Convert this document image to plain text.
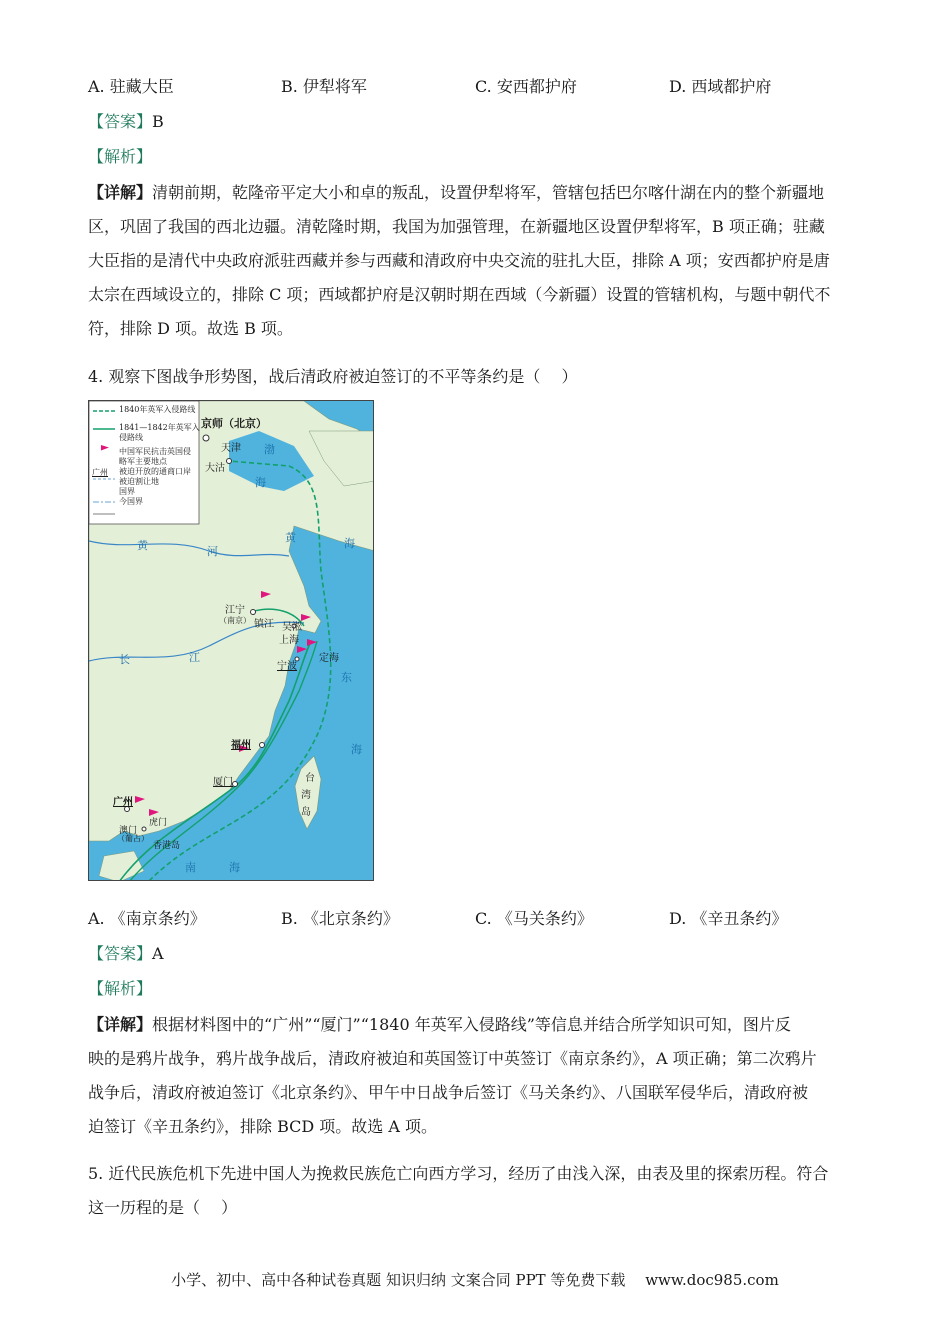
A. 驻藏大臣	B. 伊犁将军	C. 安西都护府	D. 西域都护府
【答案】B
【解析】
【详解】清朝前期，乾隆帝平定大小和卓的叛乱，设置伊犁将军，管辖包括巴尔喀什湖在内的整个新疆地
区，巩固了我国的西北边疆。清乾隆时期，我国为加强管理，在新疆地区设置伊犁将军，B 项正确；驻藏
大臣指的是清代中央政府派驻西藏并参与西藏和清政府中央交流的驻扎大臣，排除 A 项；安西都护府是唐
太宗在西域设立的，排除 C 项；西域都护府是汉朝时期在西域（今新疆）设置的管辖机构，与题中朝代不
符，排除 D 项。故选 B 项。
4. 观察下图战争形势图，战后清政府被迫签订的不平等条约是（　 ）
1840年英军入侵路线
1841—1842年英军入
侵路线
中国军民抗击英国侵
略军主要地点
被迫开放的通商口岸
被迫割让地
国界
今国界
广州
京师（北京）
天津
大沽
渤
海
黄	河
黄	海
江宁
（南京） 镇江 吴淞
上海
宁波
定海
长	江
东
海
福州
厦门	台
湾
岛
广州
虎门
澳门
（葡占）
香港岛
南	海
A. 《南京条约》	B. 《北京条约》	C. 《马关条约》	D. 《辛丑条约》
【答案】A
【解析】
【详解】根据材料图中的“广州”“厦门”“1840 年英军入侵路线”等信息并结合所学知识可知，图片反
映的是鸦片战争，鸦片战争战后，清政府被迫和英国签订中英签订《南京条约》，A 项正确；第二次鸦片
战争后，清政府被迫签订《北京条约》、甲午中日战争后签订《马关条约》、八国联军侵华后，清政府被
迫签订《辛丑条约》，排除 BCD 项。故选 A 项。
5. 近代民族危机下先进中国人为挽救民族危亡向西方学习，经历了由浅入深，由表及里的探索历程。符合
这一历程的是（　 ）
小学、初中、高中各种试卷真题 知识归纳 文案合同 PPT 等免费下载　 www.doc985.com
